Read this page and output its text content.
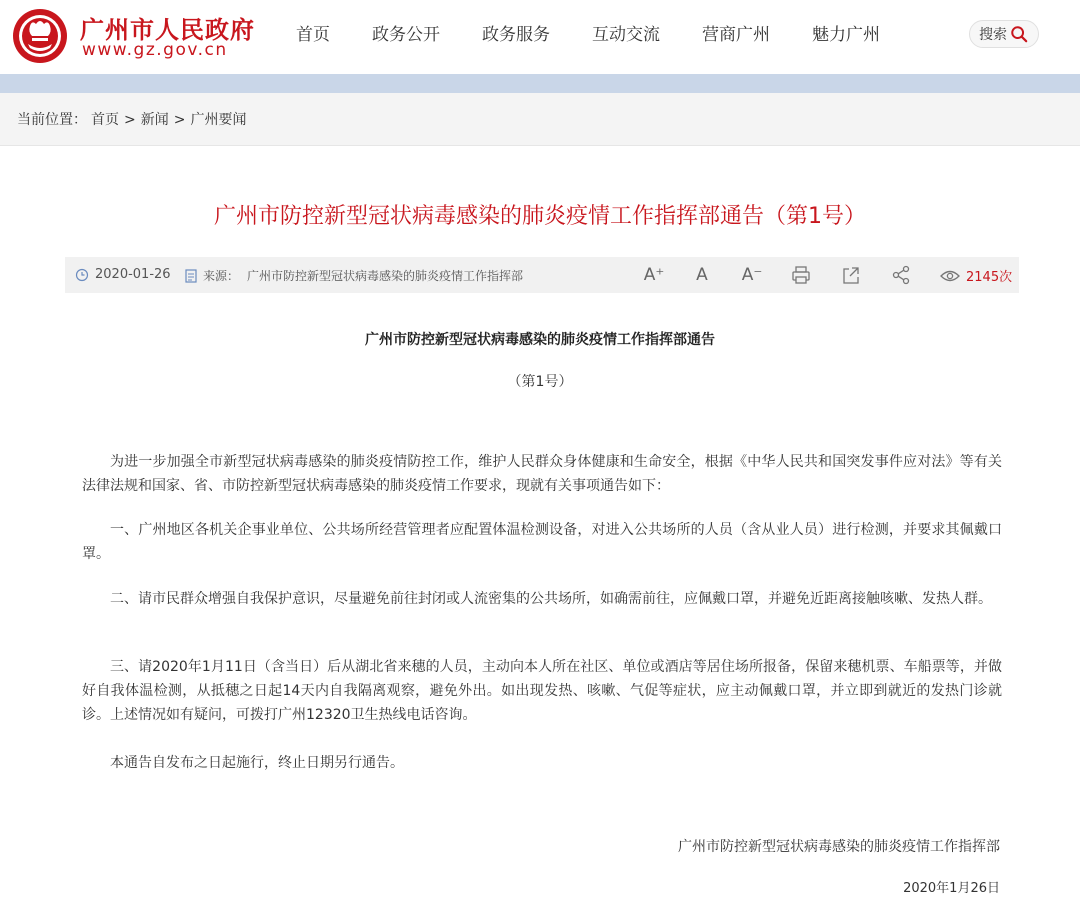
广州市人民政府
www.gz.gov.cn
首页 政务公开 政务服务 互动交流 营商广州 魅力广州	搜索
当前位置： 首页 > 新闻 > 广州要闻
广州市防控新型冠状病毒感染的肺炎疫情工作指挥部通告（第1号）
2020-01-26	来源： 广州市防控新型冠状病毒感染的肺炎疫情工作指挥部	A⁺	A	A⁻	2145次
广州市防控新型冠状病毒感染的肺炎疫情工作指挥部通告
（第1号）
为进一步加强全市新型冠状病毒感染的肺炎疫情防控工作，维护人民群众身体健康和生命安全，根据《中华人民共和国突发事件应对法》等有关法律法规和国家、省、市防控新型冠状病毒感染的肺炎疫情工作要求，现就有关事项通告如下：
一、广州地区各机关企事业单位、公共场所经营管理者应配置体温检测设备，对进入公共场所的人员（含从业人员）进行检测，并要求其佩戴口罩。
二、请市民群众增强自我保护意识，尽量避免前往封闭或人流密集的公共场所，如确需前往，应佩戴口罩，并避免近距离接触咳嗽、发热人群。
三、请2020年1月11日（含当日）后从湖北省来穗的人员，主动向本人所在社区、单位或酒店等居住场所报备，保留来穗机票、车船票等，并做好自我体温检测，从抵穗之日起14天内自我隔离观察，避免外出。如出现发热、咳嗽、气促等症状，应主动佩戴口罩，并立即到就近的发热门诊就诊。上述情况如有疑问，可拨打广州12320卫生热线电话咨询。
本通告自发布之日起施行，终止日期另行通告。
广州市防控新型冠状病毒感染的肺炎疫情工作指挥部
2020年1月26日
